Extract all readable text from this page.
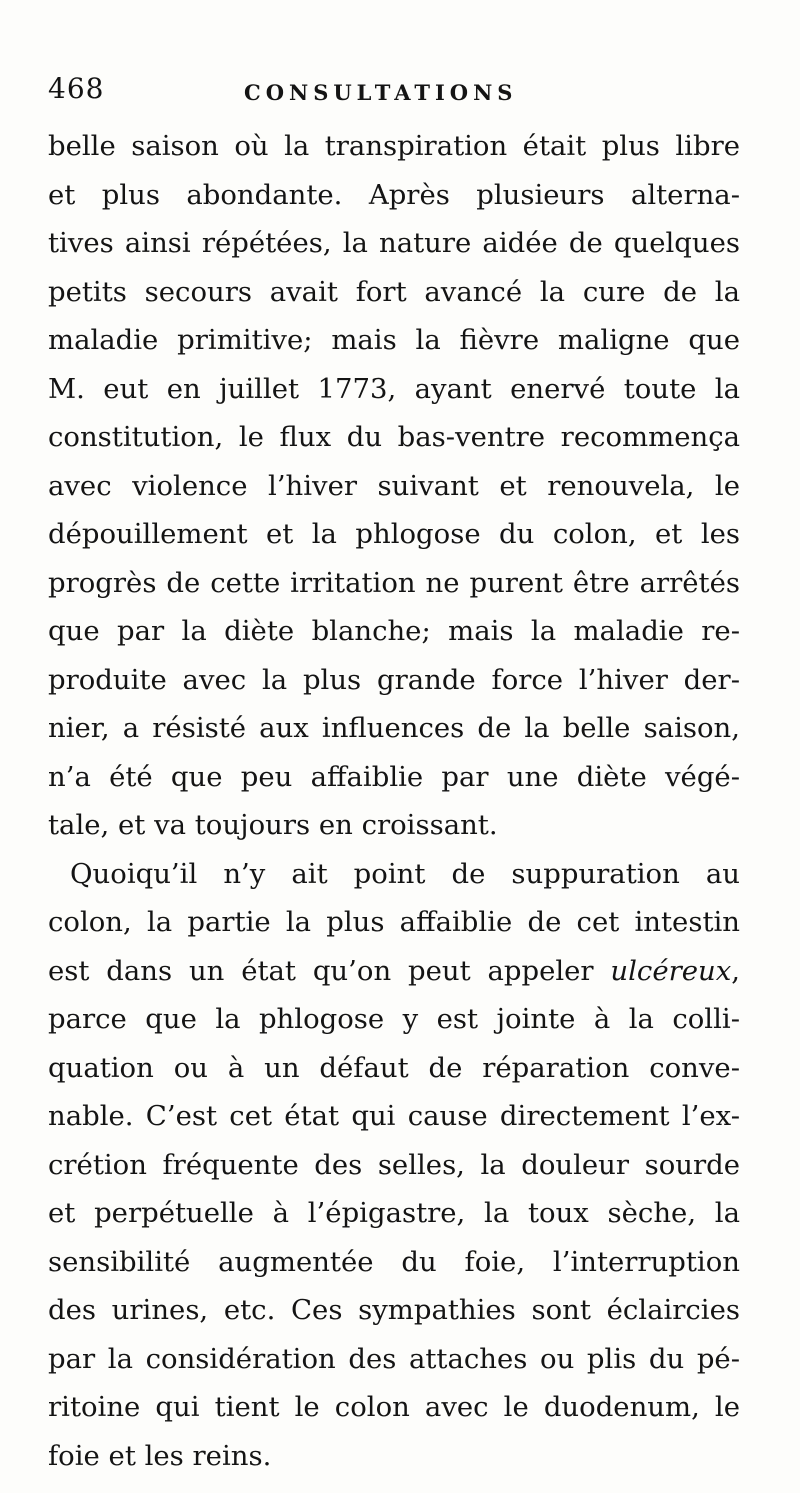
468	CONSULTATIONS
belle saison où la transpiration était plus libre
et plus abondante. Après plusieurs alterna-
tives ainsi répétées, la nature aidée de quelques
petits secours avait fort avancé la cure de la
maladie primitive; mais la fièvre maligne que
M. eut en juillet 1773, ayant enervé toute la
constitution, le flux du bas-ventre recommença
avec violence l’hiver suivant et renouvela, le
dépouillement et la phlogose du colon, et les
progrès de cette irritation ne purent être arrêtés
que par la diète blanche; mais la maladie re-
produite avec la plus grande force l’hiver der-
nier, a résisté aux influences de la belle saison,
n’a été que peu affaiblie par une diète végé-
tale, et va toujours en croissant.
Quoiqu’il n’y ait point de suppuration au
colon, la partie la plus affaiblie de cet intestin
est dans un état qu’on peut appeler ulcéreux,
parce que la phlogose y est jointe à la colli-
quation ou à un défaut de réparation conve-
nable. C’est cet état qui cause directement l’ex-
crétion fréquente des selles, la douleur sourde
et perpétuelle à l’épigastre, la toux sèche, la
sensibilité augmentée du foie, l’interruption
des urines, etc. Ces sympathies sont éclaircies
par la considération des attaches ou plis du pé-
ritoine qui tient le colon avec le duodenum, le
foie et les reins.
